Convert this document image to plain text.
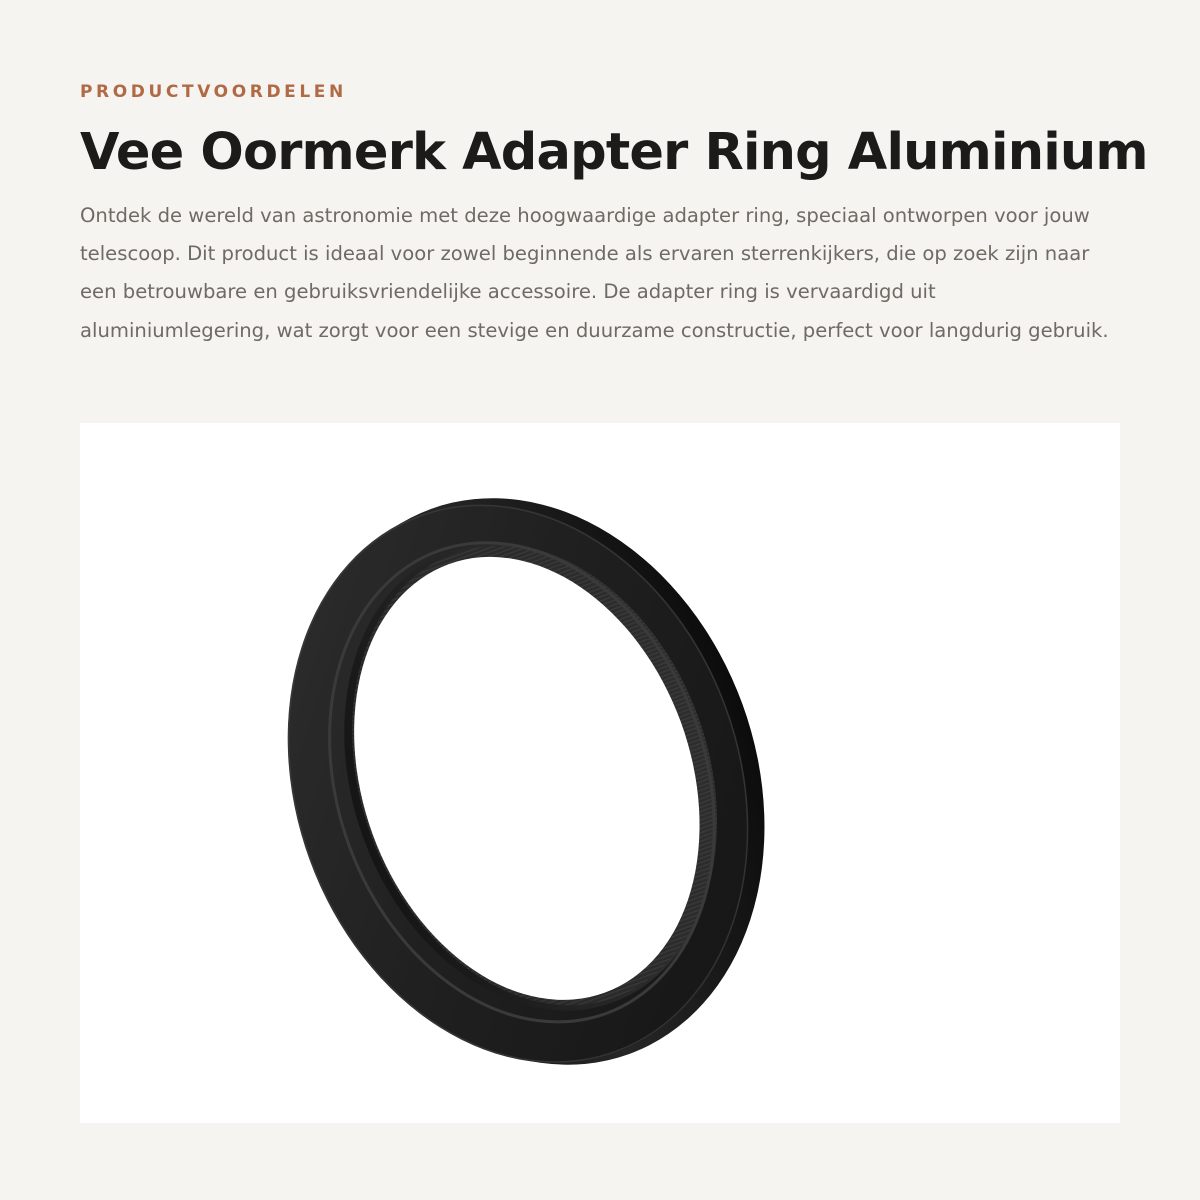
PRODUCTVOORDELEN

Vee Oormerk Adapter Ring Aluminium

Ontdek de wereld van astronomie met deze hoogwaardige adapter ring, speciaal ontworpen voor jouw telescoop. Dit product is ideaal voor zowel beginnende als ervaren sterrenkijkers, die op zoek zijn naar een betrouwbare en gebruiksvriendelijke accessoire. De adapter ring is vervaardigd uit aluminiumlegering, wat zorgt voor een stevige en duurzame constructie, perfect voor langdurig gebruik.
